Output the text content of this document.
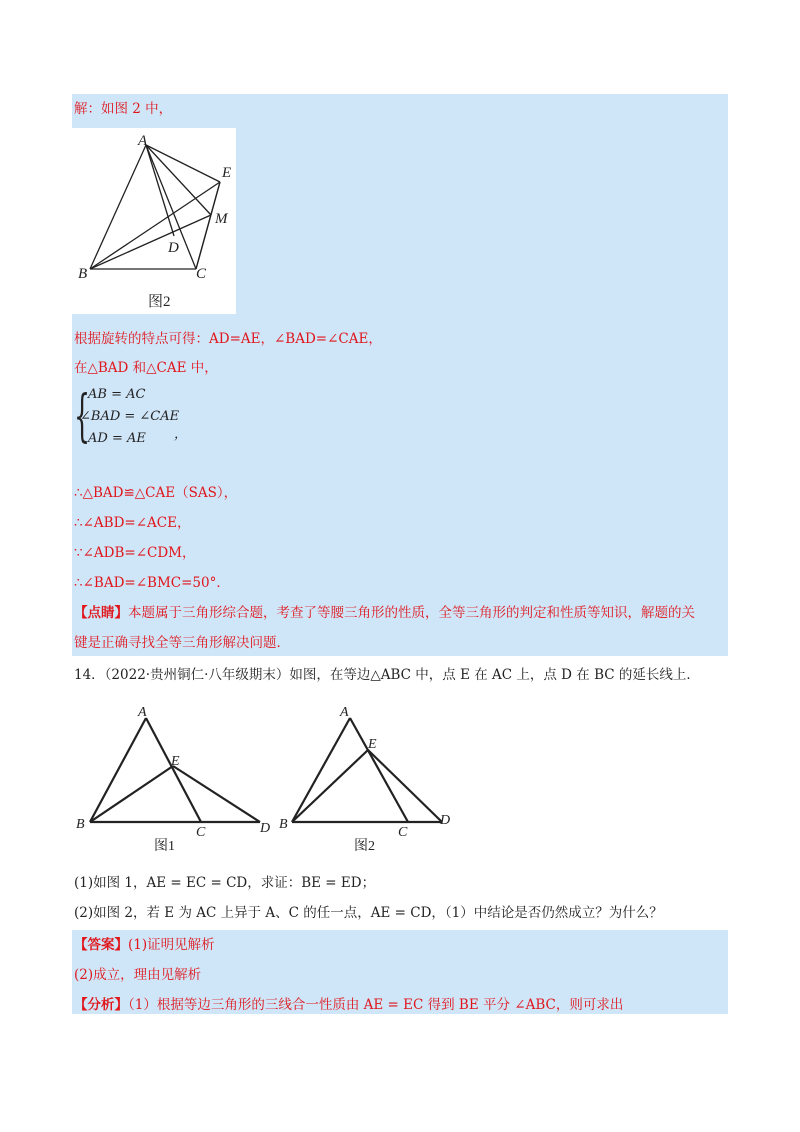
解：如图 2 中，
A
E
M
D
B	C
图2
根据旋转的特点可得：AD=AE，∠BAD=∠CAE，
在△BAD 和△CAE 中，
{
AB = AC
∠BAD = ∠CAE
AD = AE ，
∴△BAD≌△CAE（SAS），
∴∠ABD=∠ACE，
∵∠ADB=∠CDM，
∴∠BAD=∠BMC=50°．
【点睛】本题属于三角形综合题，考查了等腰三角形的性质，全等三角形的判定和性质等知识，解题的关
键是正确寻找全等三角形解决问题．
14．（2022·贵州铜仁·八年级期末）如图，在等边△ABC 中，点 E 在 AC 上，点 D 在 BC 的延长线上．
A
E
B
C	D
A
E
B
C
D
图1	图2
(1)如图 1，AE = EC = CD，求证：BE = ED；
(2)如图 2，若 E 为 AC 上异于 A、C 的任一点，AE = CD，（1）中结论是否仍然成立？为什么？
【答案】(1)证明见解析
(2)成立，理由见解析
【分析】（1）根据等边三角形的三线合一性质由 AE = EC 得到 BE 平分 ∠ABC，则可求出
